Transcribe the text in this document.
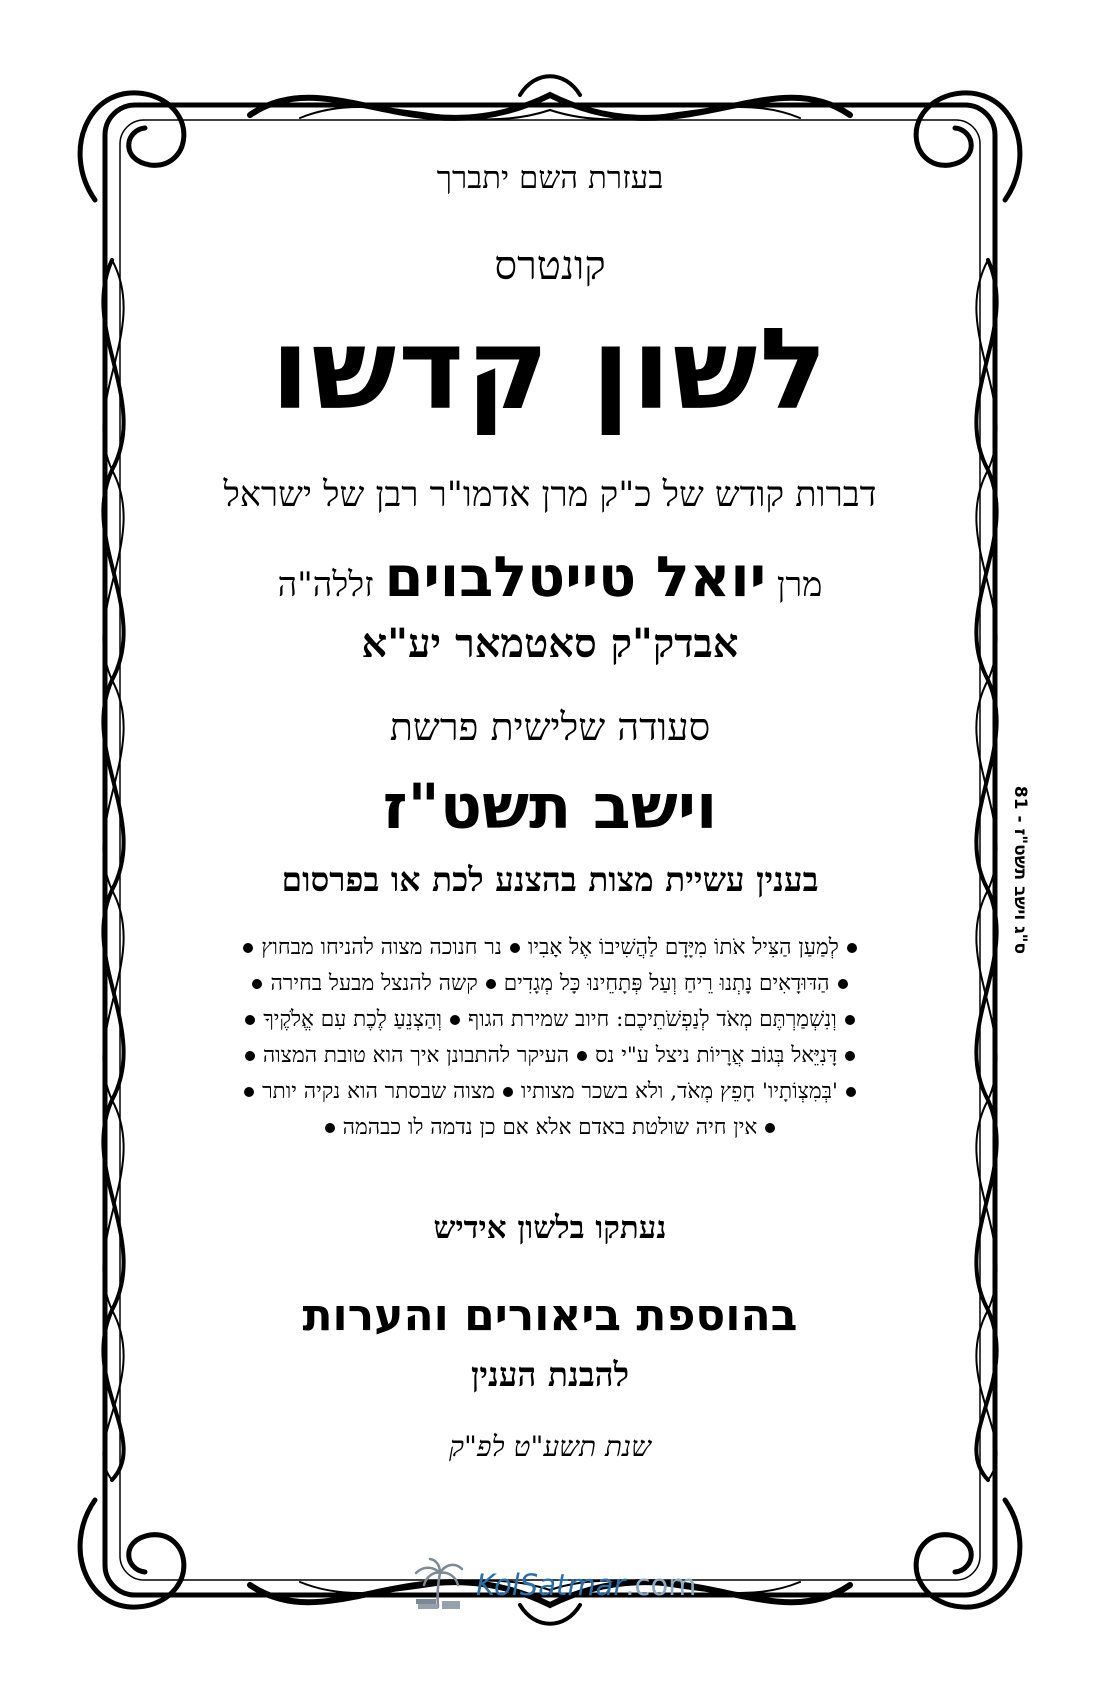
בעזרת השם יתברך
קונטרס
לשון קדשו
דברות קודש של כ"ק מרן אדמו"ר רבן של ישראל
מרן יואל טייטלבוים זללה"ה
אבדק"ק סאטמאר יע"א
סעודה שלישית פרשת
וישב תשט"ז
בענין עשיית מצות בהצנע לכת או בפרסום
לְמַעַן הַצִּיל אֹתוֹ מִיָּדָם לַהֲשִׁיבוֹ אֶל אָבִיונר חנוכה מצוה להניחו מבחוץ
הַדּוּדָאִים נָתְנוּ רֵיחַ וְעַל פְּתָחֵינוּ כָּל מְגָדִיםקשה להנצל מבעל בחירה
וְנִשְׁמַרְתֶּם מְאֹד לְנַפְשֹׁתֵיכֶם: חיוב שמירת הגוףוְהַצְנֵעַ לֶכֶת עִם אֱלֹקֶיךָ
דָּנִיֵּאל בְּגוֹב אֲרָיוֹת ניצל ע"י נסהעיקר להתבונן איך הוא טובת המצוה
'בְּמִצְוֹתָיו' חָפֵץ מְאֹד, ולא בשכר מצותיומצוה שבסתר הוא נקיה יותר
אין חיה שולטת באדם אלא אם כן נדמה לו כבהמה
נעתקו בלשון אידיש
בהוספת ביאורים והערות
להבנת הענין
שנת תשע"ט לפ"ק
ס"ג וישב תשט"ז - 81
KolSatmar.com
